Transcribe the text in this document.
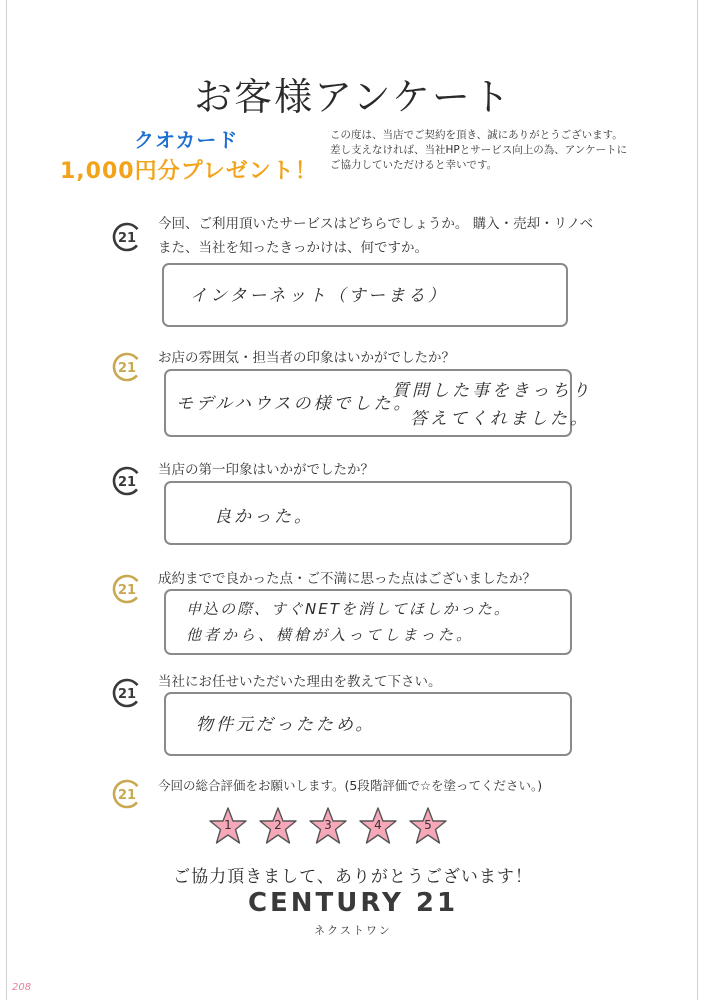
お客様アンケート
クオカード
1,000円分プレゼント！

この度は、当店でご契約を頂き、誠にありがとうございます。

差し支えなければ、当社HPとサービス向上の為、アンケートに

ご協力していただけると幸いです。

21
今回、ご利用頂いたサービスはどちらでしょうか。 購入・売却・リノベ
また、当社を知ったきっかけは、何ですか。
インターネット（すーまる）
21
お店の雰囲気・担当者の印象はいかがでしたか？
モデルハウスの様でした。
質問した事をきっちり
答えてくれました。
21
当店の第一印象はいかがでしたか？
良かった。
21
成約までで良かった点・ご不満に思った点はございましたか？
申込の際、すぐNETを消してほしかった。
他者から、横槍が入ってしまった。
21
当社にお任せいただいた理由を教えて下さい。
物件元だったため。
21
今回の総合評価をお願いします。(5段階評価で☆を塗ってください。)
1	2	3	4	5
ご協力頂きまして、ありがとうございます！
CENTURY 21
ネクストワン
208
